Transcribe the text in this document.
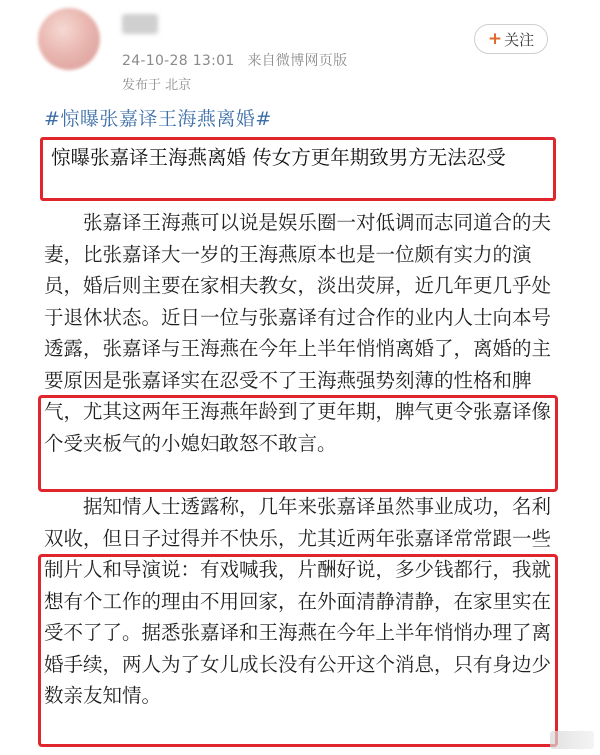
24-10-28 13:01 来自微博网页版
发布于 北京
+ 关注
#惊曝张嘉译王海燕离婚#
惊曝张嘉译王海燕离婚 传女方更年期致男方无法忍受

张嘉译王海燕可以说是娱乐圈一对低调而志同道合的夫妻，比张嘉译大一岁的王海燕原本也是一位颇有实力的演员，婚后则主要在家相夫教女，淡出荧屏，近几年更几乎处于退休状态。近日一位与张嘉译有过合作的业内人士向本号透露，张嘉译与王海燕在今年上半年悄悄离婚了，离婚的主要原因是张嘉译实在忍受不了王海燕强势刻薄的性格和脾气，尤其这两年王海燕年龄到了更年期，脾气更令张嘉译像个受夹板气的小媳妇敢怒不敢言。

据知情人士透露称，几年来张嘉译虽然事业成功，名利双收，但日子过得并不快乐，尤其近两年张嘉译常常跟一些制片人和导演说：有戏喊我，片酬好说，多少钱都行，我就想有个工作的理由不用回家，在外面清静清静，在家里实在受不了了。据悉张嘉译和王海燕在今年上半年悄悄办理了离婚手续，两人为了女儿成长没有公开这个消息，只有身边少数亲友知情。
